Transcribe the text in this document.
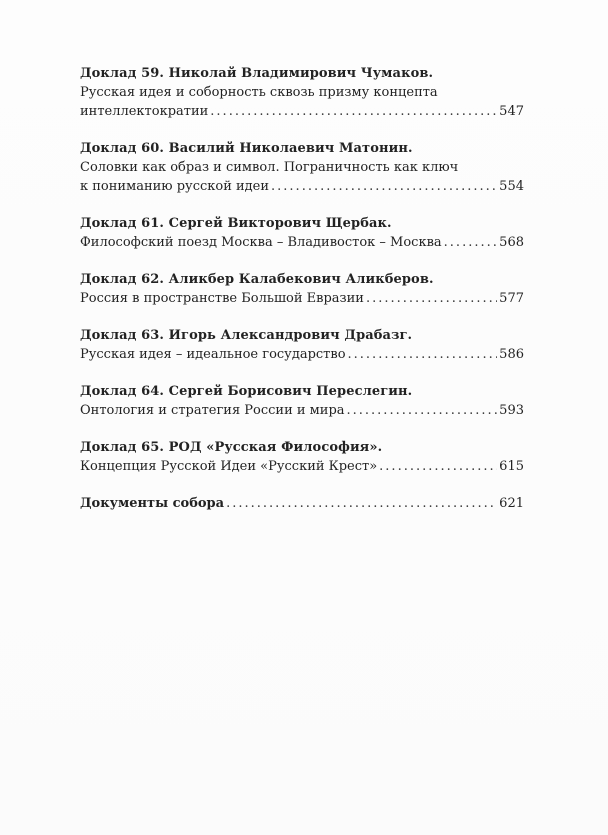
Доклад 59. Николай Владимирович Чумаков.
Русская идея и соборность сквозь призму концепта
интеллектократии .....	547
Доклад 60. Василий Николаевич Матонин.
Соловки как образ и символ. Пограничность как ключ
к пониманию русской идеи .....	554
Доклад 61. Сергей Викторович Щербак.
Философский поезд Москва – Владивосток – Москва .....	568
Доклад 62. Аликбер Калабекович Аликберов.
Россия в пространстве Большой Евразии .....	577
Доклад 63. Игорь Александрович Драбазг.
Русская идея – идеальное государство .....	586
Доклад 64. Сергей Борисович Переслегин.
Онтология и стратегия России и мира .....	593
Доклад 65. РОД «Русская Философия».
Концепция Русской Идеи «Русский Крест» .....	615
Документы собора .....	621
